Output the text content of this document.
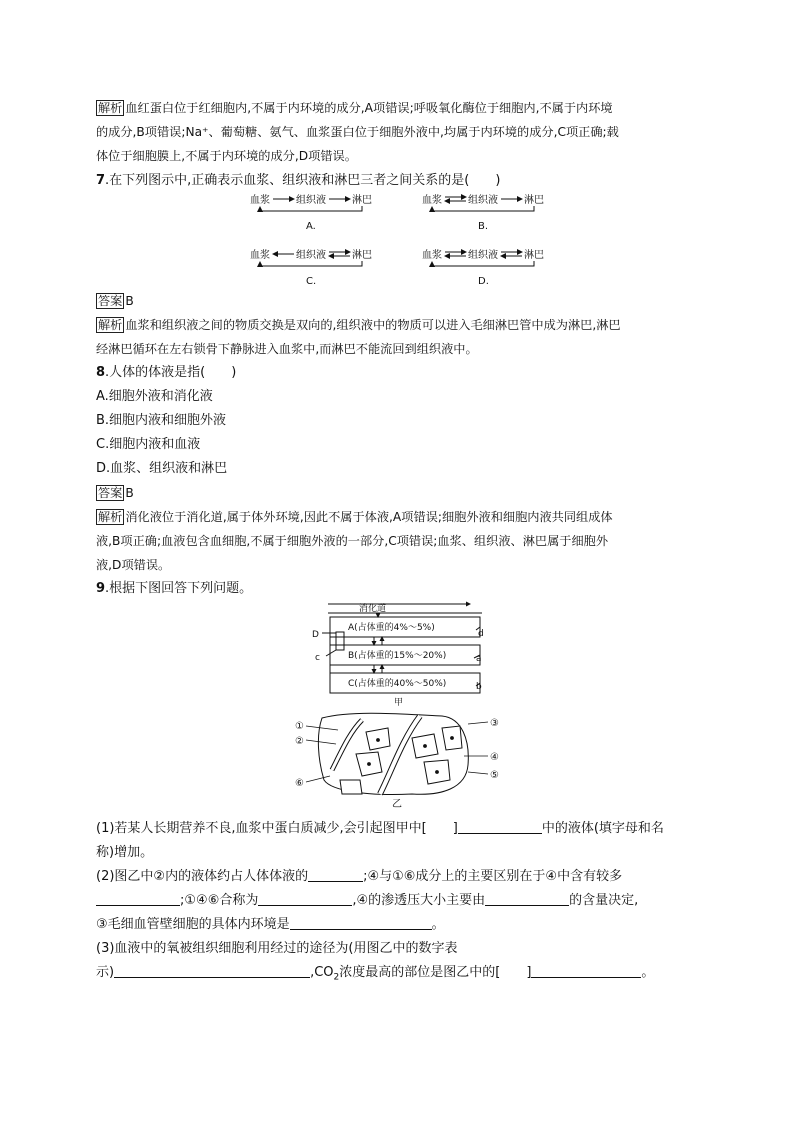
解析 血红蛋白位于红细胞内,不属于内环境的成分,A项错误;呼吸氧化酶位于细胞内,不属于内环境
的成分,B项错误;Na⁺、葡萄糖、氨气、血浆蛋白位于细胞外液中,均属于内环境的成分,C项正确;载
体位于细胞膜上,不属于内环境的成分,D项错误。
7.在下列图示中,正确表示血浆、组织液和淋巴三者之间关系的是(　　)
血浆	组织液	淋巴
A.
血浆	组织液	淋巴
B.
血浆	组织液	淋巴
C.
血浆	组织液	淋巴
D.
答案 B
解析 血浆和组织液之间的物质交换是双向的,组织液中的物质可以进入毛细淋巴管中成为淋巴,淋巴
经淋巴循环在左右锁骨下静脉进入血浆中,而淋巴不能流回到组织液中。
8.人体的体液是指(　　)
A.细胞外液和消化液
B.细胞内液和细胞外液
C.细胞内液和血液
D.血浆、组织液和淋巴
答案 B
解析 消化液位于消化道,属于体外环境,因此不属于体液,A项错误;细胞外液和细胞内液共同组成体
液,B项正确;血液包含血细胞,不属于细胞外液的一部分,C项错误;血浆、组织液、淋巴属于细胞外
液,D项错误。
9.根据下图回答下列问题。
消化道
A(占体重的4%～5%)
B(占体重的15%～20%)
C(占体重的40%～50%)
D
c
d
a
b
甲
①
②
⑥
③
④
⑤
乙
(1)若某人长期营养不良,血浆中蛋白质减少,会引起图甲中[　　]	中的液体(填字母和名
称)增加。
(2)图乙中②内的液体约占人体体液的	;④与①⑥成分上的主要区别在于④中含有较多
;①④⑥合称为	,④的渗透压大小主要由	的含量决定,
③毛细血管壁细胞的具体内环境是	。
(3)血液中的氧被组织细胞利用经过的途径为(用图乙中的数字表
示)	$,CO_2$浓度最高的部位是图乙中的[　　]	。
